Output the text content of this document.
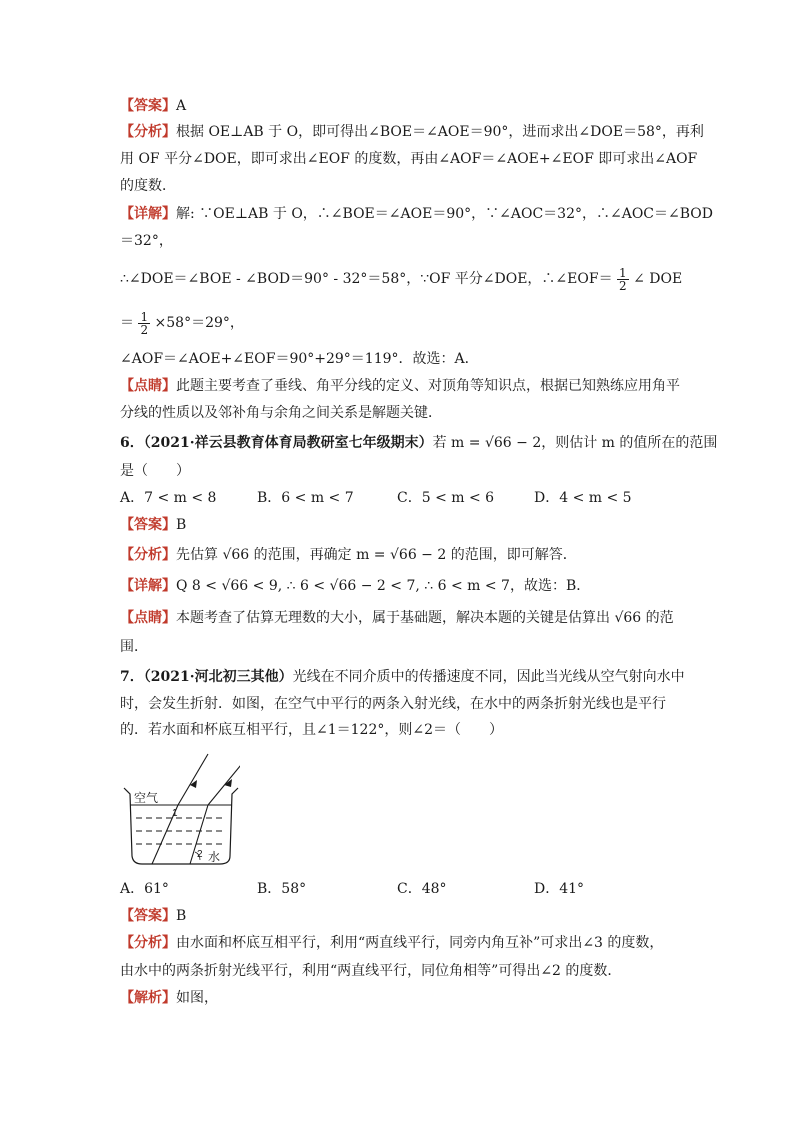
【答案】A
【分析】根据 OE⊥AB 于 O，即可得出∠BOE＝∠AOE＝90°，进而求出∠DOE＝58°，再利
用 OF 平分∠DOE，即可求出∠EOF 的度数，再由∠AOF＝∠AOE+∠EOF 即可求出∠AOF
的度数．
【详解】解: ∵OE⊥AB 于 O，∴∠BOE＝∠AOE＝90°，∵∠AOC＝32°，∴∠AOC＝∠BOD
＝32°，
∴∠DOE＝∠BOE - ∠BOD＝90° - 32°＝58°，∵OF 平分∠DOE，∴∠EOF＝ $\frac{1}{2}$ ∠ DOE
＝ $\frac{1}{2} \times 58^\circ=29^\circ$，
∠AOF＝∠AOE+∠EOF＝90°+29°＝119°．故选：A．
【点睛】此题主要考查了垂线、角平分线的定义、对顶角等知识点，根据已知熟练应用角平
分线的性质以及邻补角与余角之间关系是解题关键．
6．（2021·祥云县教育体育局教研室七年级期末）若 m = √66 − 2，则估计 m 的值所在的范围
是（　　）
A．7 < m < 8	B．6 < m < 7	C．5 < m < 6	D．4 < m < 5
【答案】B
【分析】先估算 √66 的范围，再确定 m = √66 − 2 的范围，即可解答．
【详解】Q 8 < √66 < 9, ∴ 6 < √66 − 2 < 7, ∴ 6 < m < 7，故选：B．
【点睛】本题考查了估算无理数的大小，属于基础题，解决本题的关键是估算出 √66 的范
围．
7．（2021·河北初三其他）光线在不同介质中的传播速度不同，因此当光线从空气射向水中
时，会发生折射．如图，在空气中平行的两条入射光线，在水中的两条折射光线也是平行
的．若水面和杯底互相平行，且∠1＝122°，则∠2＝（　　）
空气
1
2 水
A．61°	B．58°	C．48°	D．41°
【答案】B
【分析】由水面和杯底互相平行，利用“两直线平行，同旁内角互补”可求出∠3 的度数，
由水中的两条折射光线平行，利用“两直线平行，同位角相等”可得出∠2 的度数．
【解析】如图，
